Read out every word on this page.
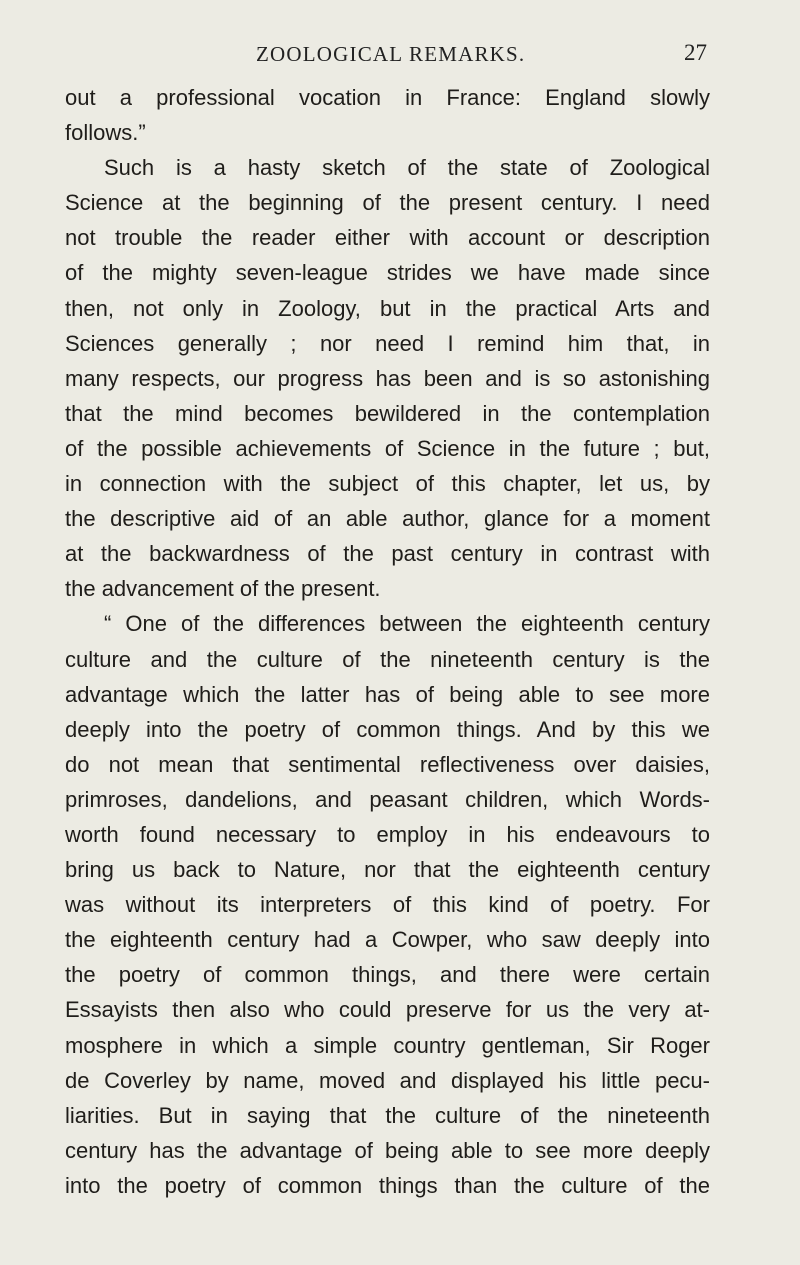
ZOOLOGICAL REMARKS.	27

out a professional vocation in France: England slowly
follows.”

Such is a hasty sketch of the state of Zoological
Science at the beginning of the present century. I need
not trouble the reader either with account or description
of the mighty seven-league strides we have made since
then, not only in Zoology, but in the practical Arts and
Sciences generally ; nor need I remind him that, in
many respects, our progress has been and is so astonishing
that the mind becomes bewildered in the contemplation
of the possible achievements of Science in the future ; but,
in connection with the subject of this chapter, let us, by
the descriptive aid of an able author, glance for a moment
at the backwardness of the past century in contrast with
the advancement of the present.

“ One of the differences between the eighteenth century
culture and the culture of the nineteenth century is the
advantage which the latter has of being able to see more
deeply into the poetry of common things. And by this we
do not mean that sentimental reflectiveness over daisies,
primroses, dandelions, and peasant children, which Words-
worth found necessary to employ in his endeavours to
bring us back to Nature, nor that the eighteenth century
was without its interpreters of this kind of poetry. For
the eighteenth century had a Cowper, who saw deeply into
the poetry of common things, and there were certain
Essayists then also who could preserve for us the very at-
mosphere in which a simple country gentleman, Sir Roger
de Coverley by name, moved and displayed his little pecu-
liarities. But in saying that the culture of the nineteenth
century has the advantage of being able to see more deeply
into the poetry of common things than the culture of the
